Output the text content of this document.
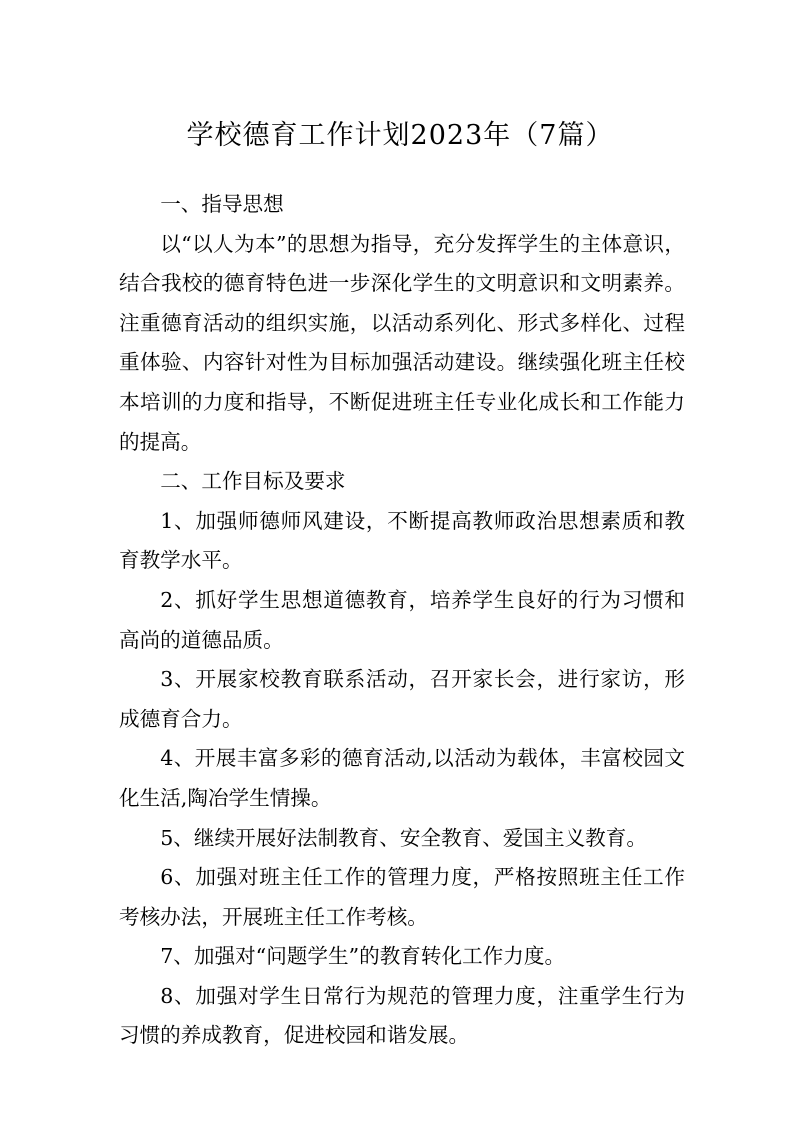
学校德育工作计划2023年（7篇）

一、指导思想

以“以人为本”的思想为指导，充分发挥学生的主体意识，结合我校的德育特色进一步深化学生的文明意识和文明素养。注重德育活动的组织实施，以活动系列化、形式多样化、过程重体验、内容针对性为目标加强活动建设。继续强化班主任校本培训的力度和指导，不断促进班主任专业化成长和工作能力的提高。

二、工作目标及要求

1、加强师德师风建设，不断提高教师政治思想素质和教育教学水平。

2、抓好学生思想道德教育，培养学生良好的行为习惯和高尚的道德品质。

3、开展家校教育联系活动，召开家长会，进行家访，形成德育合力。

4、开展丰富多彩的德育活动,以活动为载体，丰富校园文化生活,陶冶学生情操。

5、继续开展好法制教育、安全教育、爱国主义教育。

6、加强对班主任工作的管理力度，严格按照班主任工作考核办法，开展班主任工作考核。

7、加强对“问题学生”的教育转化工作力度。

8、加强对学生日常行为规范的管理力度，注重学生行为习惯的养成教育，促进校园和谐发展。
